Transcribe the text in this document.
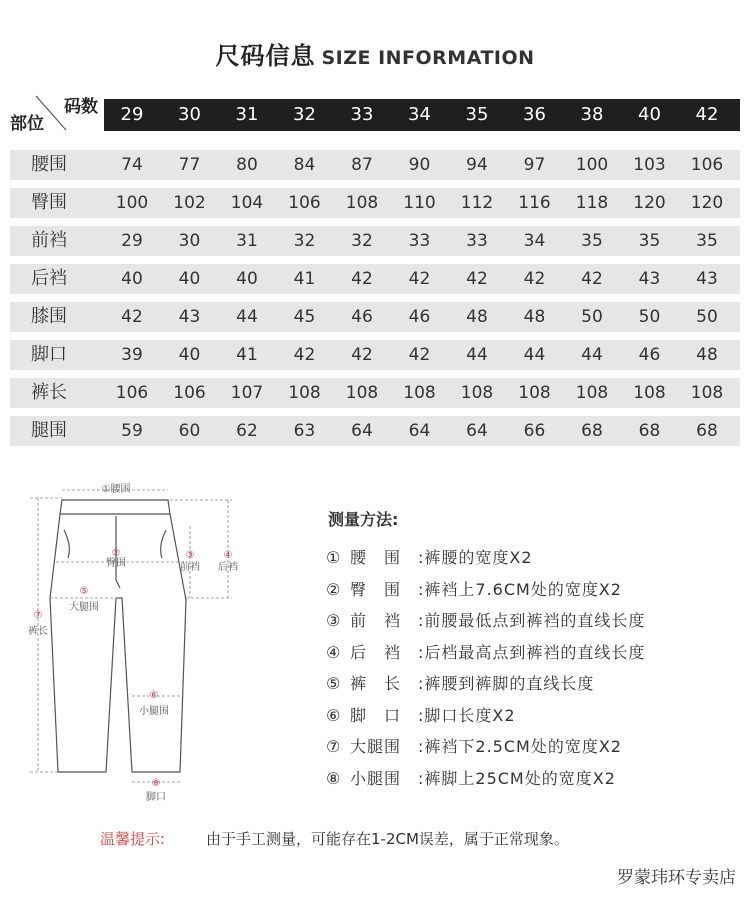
尺码信息 SIZE INFORMATION
码数
部位	29	30	31	32	33	34	35	36	38	40	42
腰围	74	77	80	84	87	90	94	97	100	103	106
臀围	100	102	104	106	108	110	112	116	118	120	120
前裆	29	30	31	32	32	33	33	34	35	35	35
后裆	40	40	40	41	42	42	42	42	42	43	43
膝围	42	43	44	45	46	46	48	48	50	50	50
脚口	39	40	41	42	42	42	44	44	44	46	48
裤长	106	106	107	108	108	108	108	108	108	108	108
腿围	59	60	62	63	64	64	64	66	68	68	68
①腰围
②
臀围
③
前裆
④
后裆
⑤
大腿围
⑥
小腿围
⑦
裤长
⑧
脚口
测量方法:
① 腰　围 :裤腰的宽度X2
② 臀　围 :裤裆上7.6CM处的宽度X2
③ 前　裆 :前腰最低点到裤裆的直线长度
④ 后　裆 :后档最高点到裤裆的直线长度
⑤ 裤　长 :裤腰到裤脚的直线长度
⑥ 脚　口 :脚口长度X2
⑦ 大腿围 :裤裆下2.5CM处的宽度X2
⑧ 小腿围 :裤脚上25CM处的宽度X2
温馨提示:	由于手工测量，可能存在1-2CM误差，属于正常现象。
罗蒙玮环专卖店
